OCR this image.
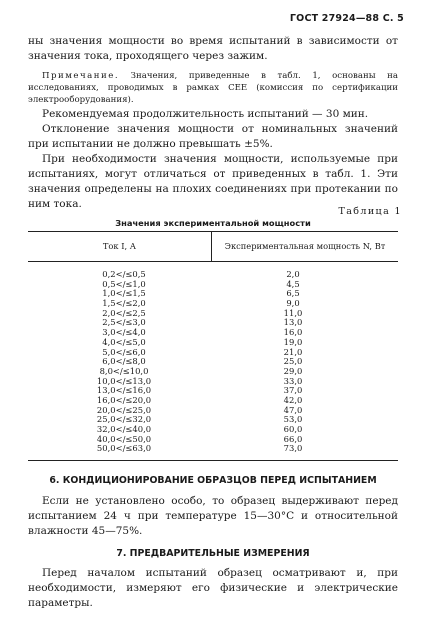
ГОСТ 27924—88 С. 5
ны значения мощности во время испытаний в зависимости от значения тока, проходящего через зажим.
Примечание. Значения, приведенные в табл. 1, основаны на исследованиях, проводимых в рамках CEE (комиссия по сертификации электрооборудования).
Рекомендуемая продолжительность испытаний — 30 мин.
Отклонение значения мощности от номинальных значений при испытании не должно превышать ±5%.
При необходимости значения мощности, используемые при испытаниях, могут отличаться от приведенных в табл. 1. Эти значения определены на плохих соединениях при протекании по ним тока.
Таблица 1
Значения экспериментальной мощности
Ток I, А	Экспериментальная мощность N, Вт
0,2</≤0,5	2,0
0,5</≤1,0	4,5
1,0</≤1,5	6,5
1,5</≤2,0	9,0
2,0</≤2,5	11,0
2,5</≤3,0	13,0
3,0</≤4,0	16,0
4,0</≤5,0	19,0
5,0</≤6,0	21,0
6,0</≤8,0	25,0
8,0</≤10,0	29,0
10,0</≤13,0	33,0
13,0</≤16,0	37,0
16,0</≤20,0	42,0
20,0</≤25,0	47,0
25,0</≤32,0	53,0
32,0</≤40,0	60,0
40,0</≤50,0	66,0
50,0</≤63,0	73,0
6. КОНДИЦИОНИРОВАНИЕ ОБРАЗЦОВ ПЕРЕД ИСПЫТАНИЕМ
Если не установлено особо, то образец выдерживают перед испытанием 24 ч при температуре 15—30°С и относительной влажности 45—75%.
7. ПРЕДВАРИТЕЛЬНЫЕ ИЗМЕРЕНИЯ
Перед началом испытаний образец осматривают и, при необходимости, измеряют его физические и электрические параметры.
